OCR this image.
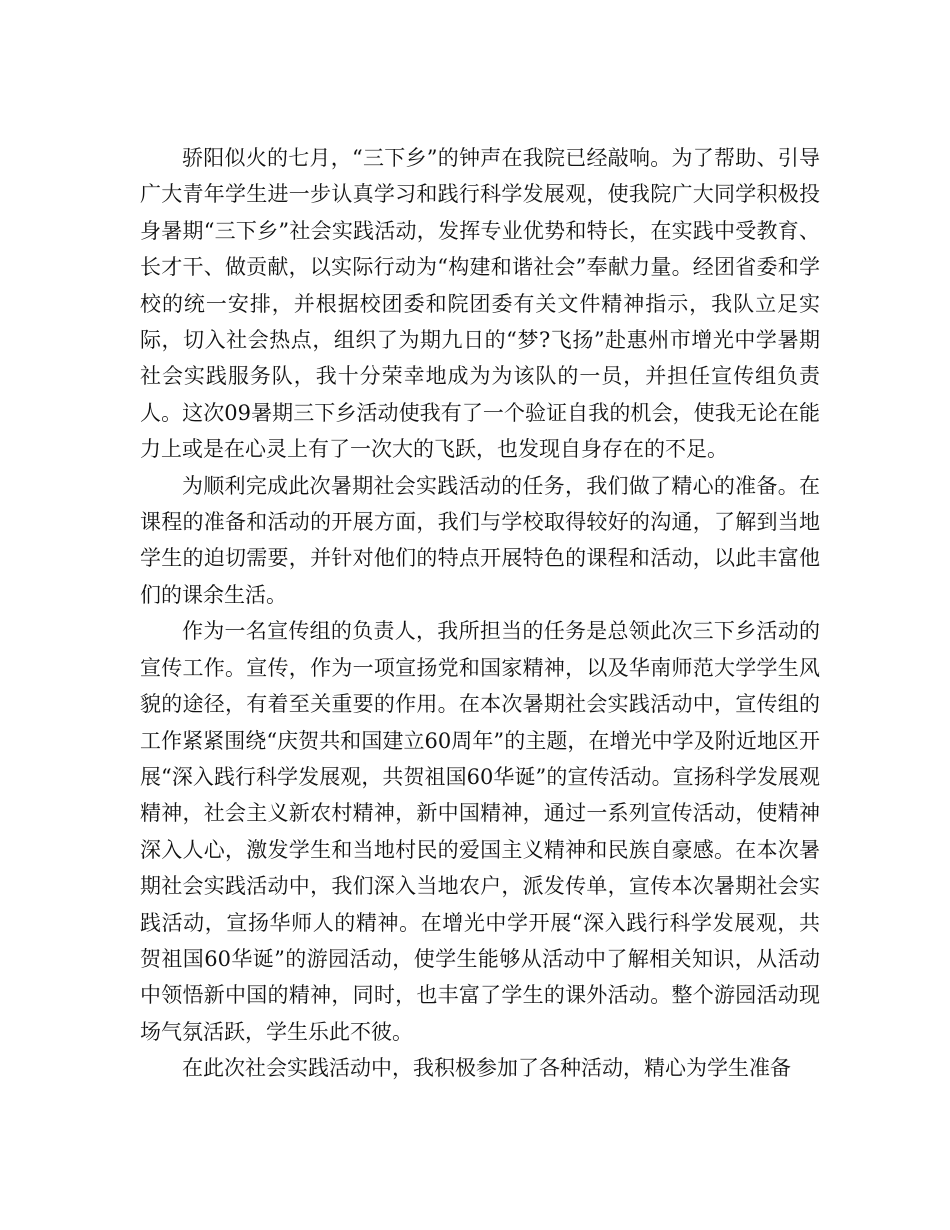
骄阳似火的七月，“三下乡”的钟声在我院已经敲响。为了帮助、引导广大青年学生进一步认真学习和践行科学发展观，使我院广大同学积极投身暑期“三下乡”社会实践活动，发挥专业优势和特长，在实践中受教育、长才干、做贡献，以实际行动为“构建和谐社会”奉献力量。经团省委和学校的统一安排，并根据校团委和院团委有关文件精神指示，我队立足实际，切入社会热点，组织了为期九日的“梦?飞扬”赴惠州市增光中学暑期社会实践服务队，我十分荣幸地成为为该队的一员，并担任宣传组负责人。这次09暑期三下乡活动使我有了一个验证自我的机会，使我无论在能力上或是在心灵上有了一次大的飞跃，也发现自身存在的不足。

为顺利完成此次暑期社会实践活动的任务，我们做了精心的准备。在课程的准备和活动的开展方面，我们与学校取得较好的沟通，了解到当地学生的迫切需要，并针对他们的特点开展特色的课程和活动，以此丰富他们的课余生活。

作为一名宣传组的负责人，我所担当的任务是总领此次三下乡活动的宣传工作。宣传，作为一项宣扬党和国家精神，以及华南师范大学学生风貌的途径，有着至关重要的作用。在本次暑期社会实践活动中，宣传组的工作紧紧围绕“庆贺共和国建立60周年”的主题，在增光中学及附近地区开展“深入践行科学发展观，共贺祖国60华诞”的宣传活动。宣扬科学发展观精神，社会主义新农村精神，新中国精神，通过一系列宣传活动，使精神深入人心，激发学生和当地村民的爱国主义精神和民族自豪感。在本次暑期社会实践活动中，我们深入当地农户，派发传单，宣传本次暑期社会实践活动，宣扬华师人的精神。在增光中学开展“深入践行科学发展观，共贺祖国60华诞”的游园活动，使学生能够从活动中了解相关知识，从活动中领悟新中国的精神，同时，也丰富了学生的课外活动。整个游园活动现场气氛活跃，学生乐此不彼。

在此次社会实践活动中，我积极参加了各种活动，精心为学生准备
